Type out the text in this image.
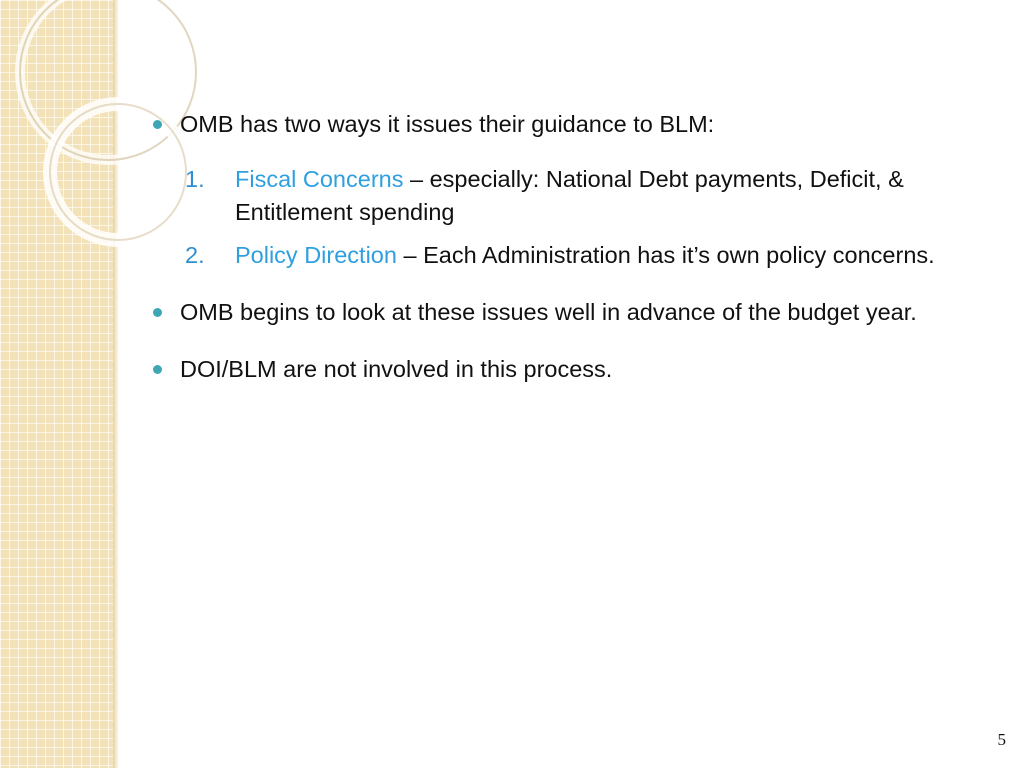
OMB has two ways it issues their guidance to BLM:
1. Fiscal Concerns – especially: National Debt payments, Deficit, & Entitlement spending
2. Policy Direction – Each Administration has it’s own policy concerns.
OMB begins to look at these issues well in advance of the budget year.
DOI/BLM are not involved in this process.
5
